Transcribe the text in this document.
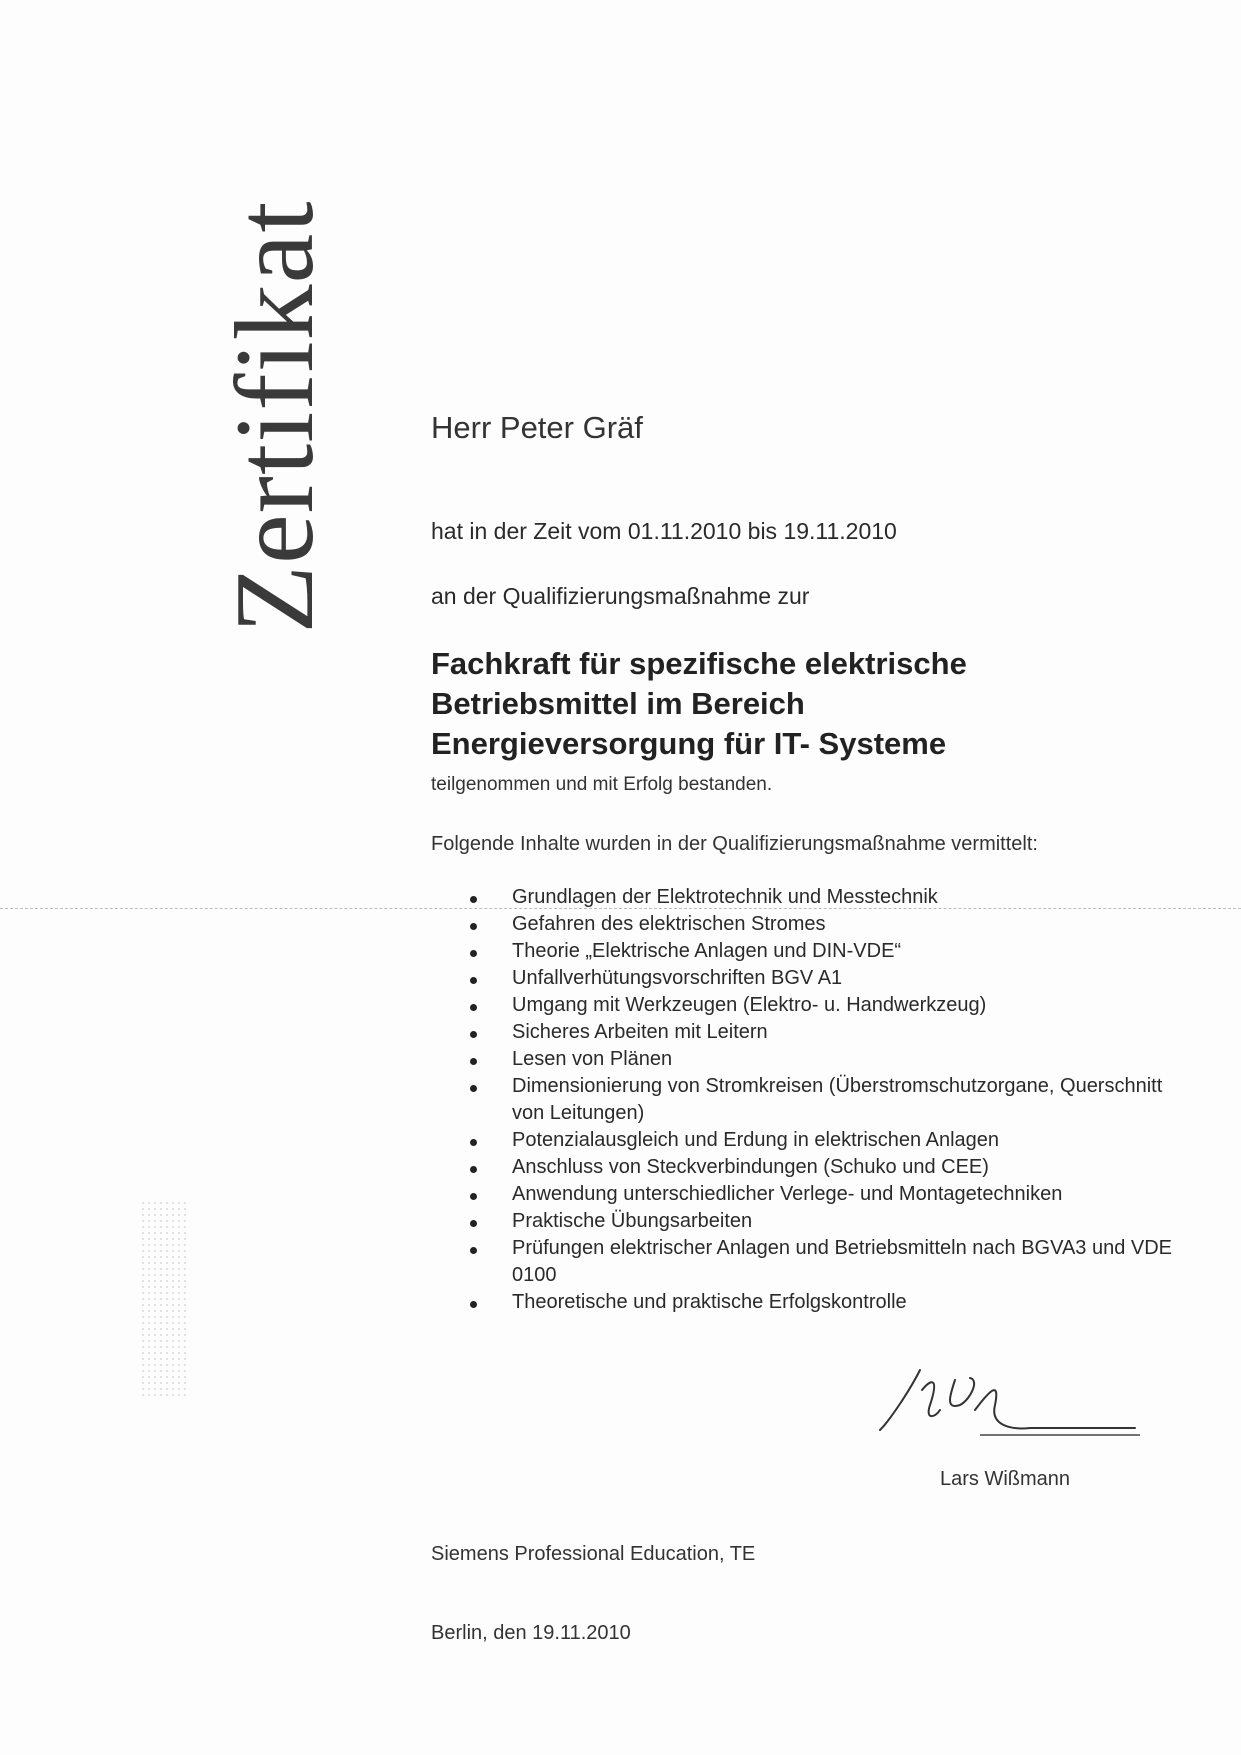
Zertifikat	Herr Peter Gräf
hat in der Zeit vom 01.11.2010 bis 19.11.2010
an der Qualifizierungsmaßnahme zur
Fachkraft für spezifische elektrische
Betriebsmittel im Bereich
Energieversorgung für IT- Systeme
teilgenommen und mit Erfolg bestanden.
Folgende Inhalte wurden in der Qualifizierungsmaßnahme vermittelt:
Grundlagen der Elektrotechnik und Messtechnik
Gefahren des elektrischen Stromes
Theorie „Elektrische Anlagen und DIN-VDE“
Unfallverhütungsvorschriften BGV A1
Umgang mit Werkzeugen (Elektro- u. Handwerkzeug)
Sicheres Arbeiten mit Leitern
Lesen von Plänen
Dimensionierung von Stromkreisen (Überstromschutzorgane, Querschnitt von Leitungen)
Potenzialausgleich und Erdung in elektrischen Anlagen
Anschluss von Steckverbindungen (Schuko und CEE)
Anwendung unterschiedlicher Verlege- und Montagetechniken
Praktische Übungsarbeiten
Prüfungen elektrischer Anlagen und Betriebsmitteln nach BGVA3 und VDE 0100
Theoretische und praktische Erfolgskontrolle
Lars Wißmann
Siemens Professional Education, TE
Berlin, den 19.11.2010
